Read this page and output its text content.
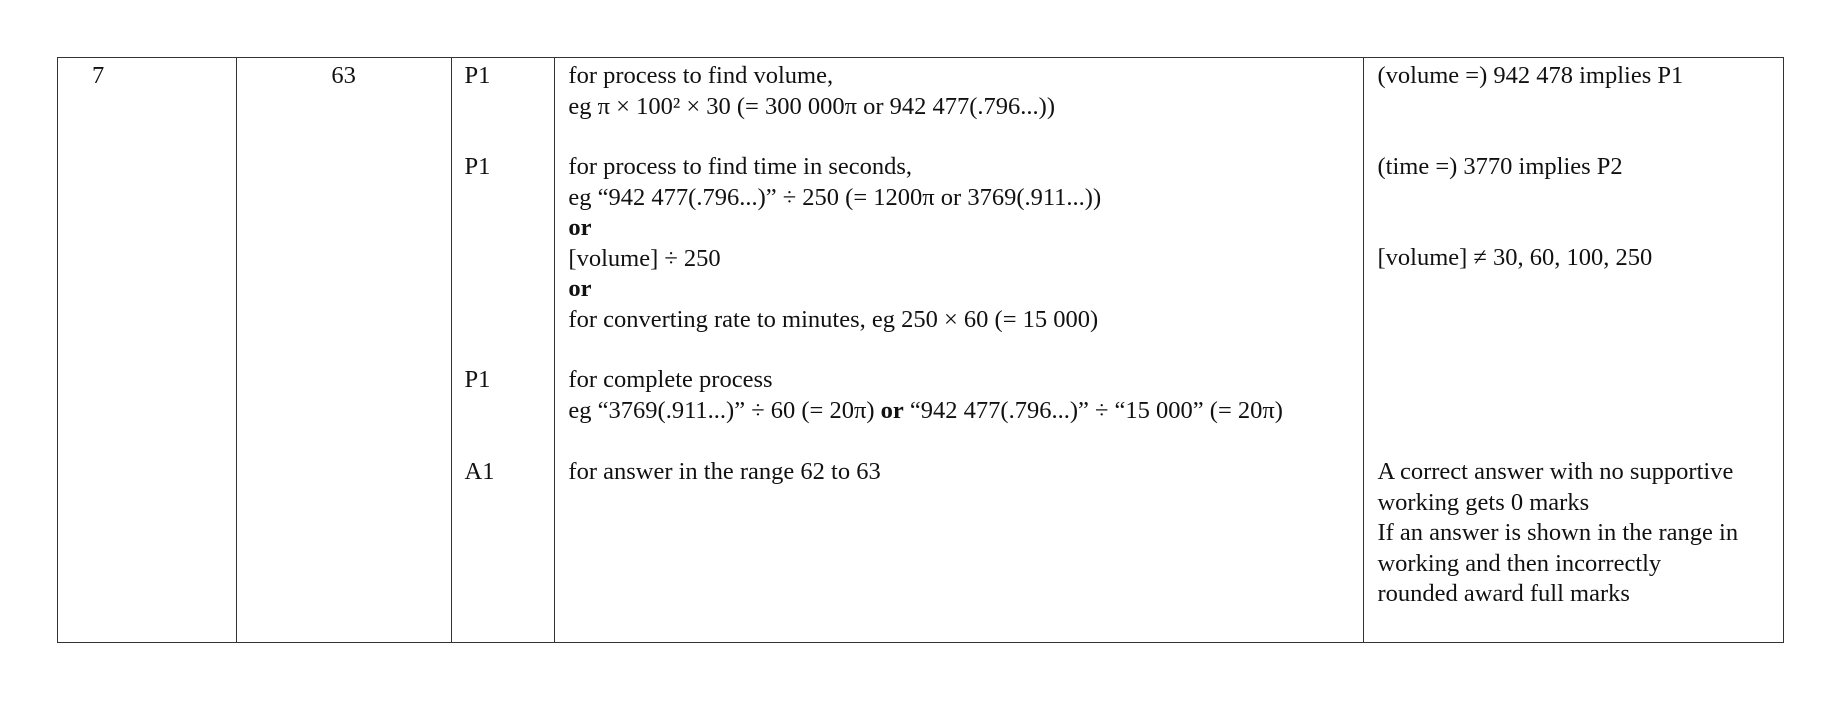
7	63	P1
P1
P1
A1
for process to find volume,
eg π × 100² × 30 (= 300 000π or 942 477(.796...))
for process to find time in seconds,
eg “942 477(.796...)” ÷ 250 (= 1200π or 3769(.911...))
or
[volume] ÷ 250
or
for converting rate to minutes, eg 250 × 60 (= 15 000)
for complete process
eg “3769(.911...)” ÷ 60 (= 20π) or “942 477(.796...)” ÷ “15 000” (= 20π)
for answer in the range 62 to 63
(volume =) 942 478 implies P1
(time =) 3770 implies P2
[volume] ≠ 30, 60, 100, 250
A correct answer with no supportive
working gets 0 marks
If an answer is shown in the range in
working and then incorrectly
rounded award full marks
